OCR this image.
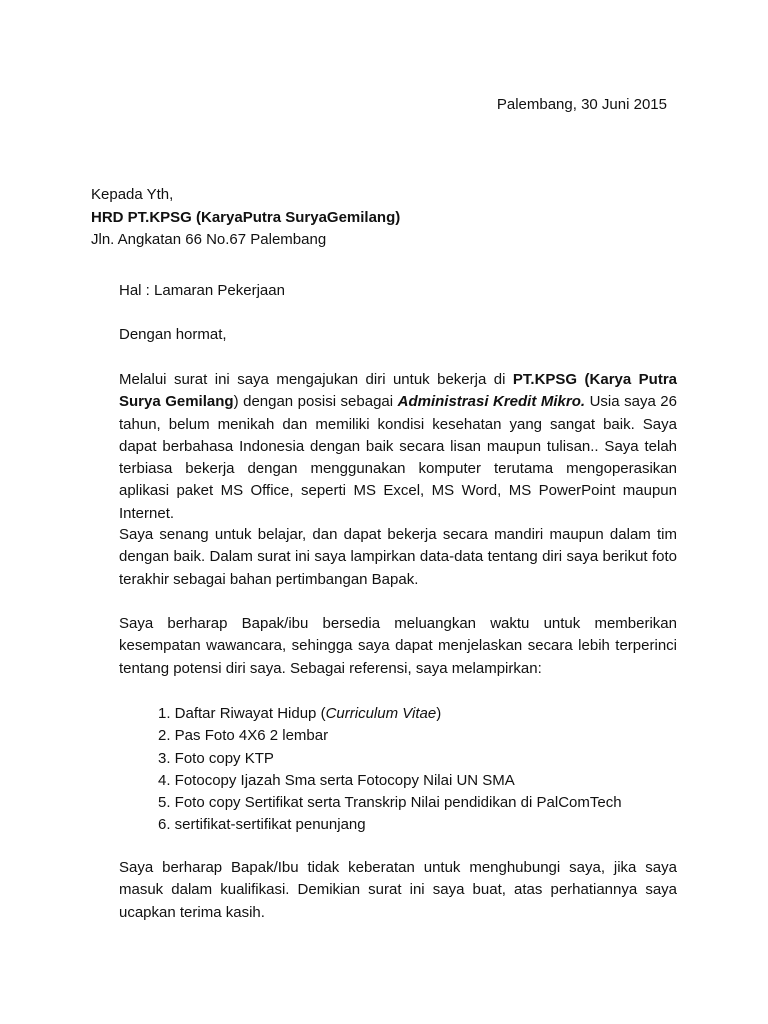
Palembang, 30 Juni 2015
Kepada Yth,
HRD PT.KPSG (KaryaPutra SuryaGemilang)
Jln. Angkatan 66 No.67 Palembang
Hal : Lamaran Pekerjaan
Dengan hormat,

Melalui surat ini saya mengajukan diri untuk bekerja di PT.KPSG (Karya Putra Surya Gemilang) dengan posisi sebagai Administrasi Kredit Mikro. Usia saya 26 tahun, belum menikah dan memiliki kondisi kesehatan yang sangat baik. Saya dapat berbahasa Indonesia dengan baik secara lisan maupun tulisan.. Saya telah terbiasa bekerja dengan menggunakan komputer terutama mengoperasikan aplikasi paket MS Office, seperti MS Excel, MS Word, MS PowerPoint maupun Internet.

Saya senang untuk belajar, dan dapat bekerja secara mandiri maupun dalam tim dengan baik. Dalam surat ini saya lampirkan data-data tentang diri saya berikut foto terakhir sebagai bahan pertimbangan Bapak.

Saya berharap Bapak/ibu bersedia meluangkan waktu untuk memberikan kesempatan wawancara, sehingga saya dapat menjelaskan secara lebih terperinci tentang potensi diri saya. Sebagai referensi, saya melampirkan:

1. Daftar Riwayat Hidup (Curriculum Vitae)
2. Pas Foto 4X6 2 lembar
3. Foto copy KTP
4. Fotocopy Ijazah Sma serta Fotocopy Nilai UN SMA
5. Foto copy Sertifikat serta Transkrip Nilai pendidikan di PalComTech
6. sertifikat-sertifikat penunjang

Saya berharap Bapak/Ibu tidak keberatan untuk menghubungi saya, jika saya masuk dalam kualifikasi. Demikian surat ini saya buat, atas perhatiannya saya ucapkan terima kasih.
